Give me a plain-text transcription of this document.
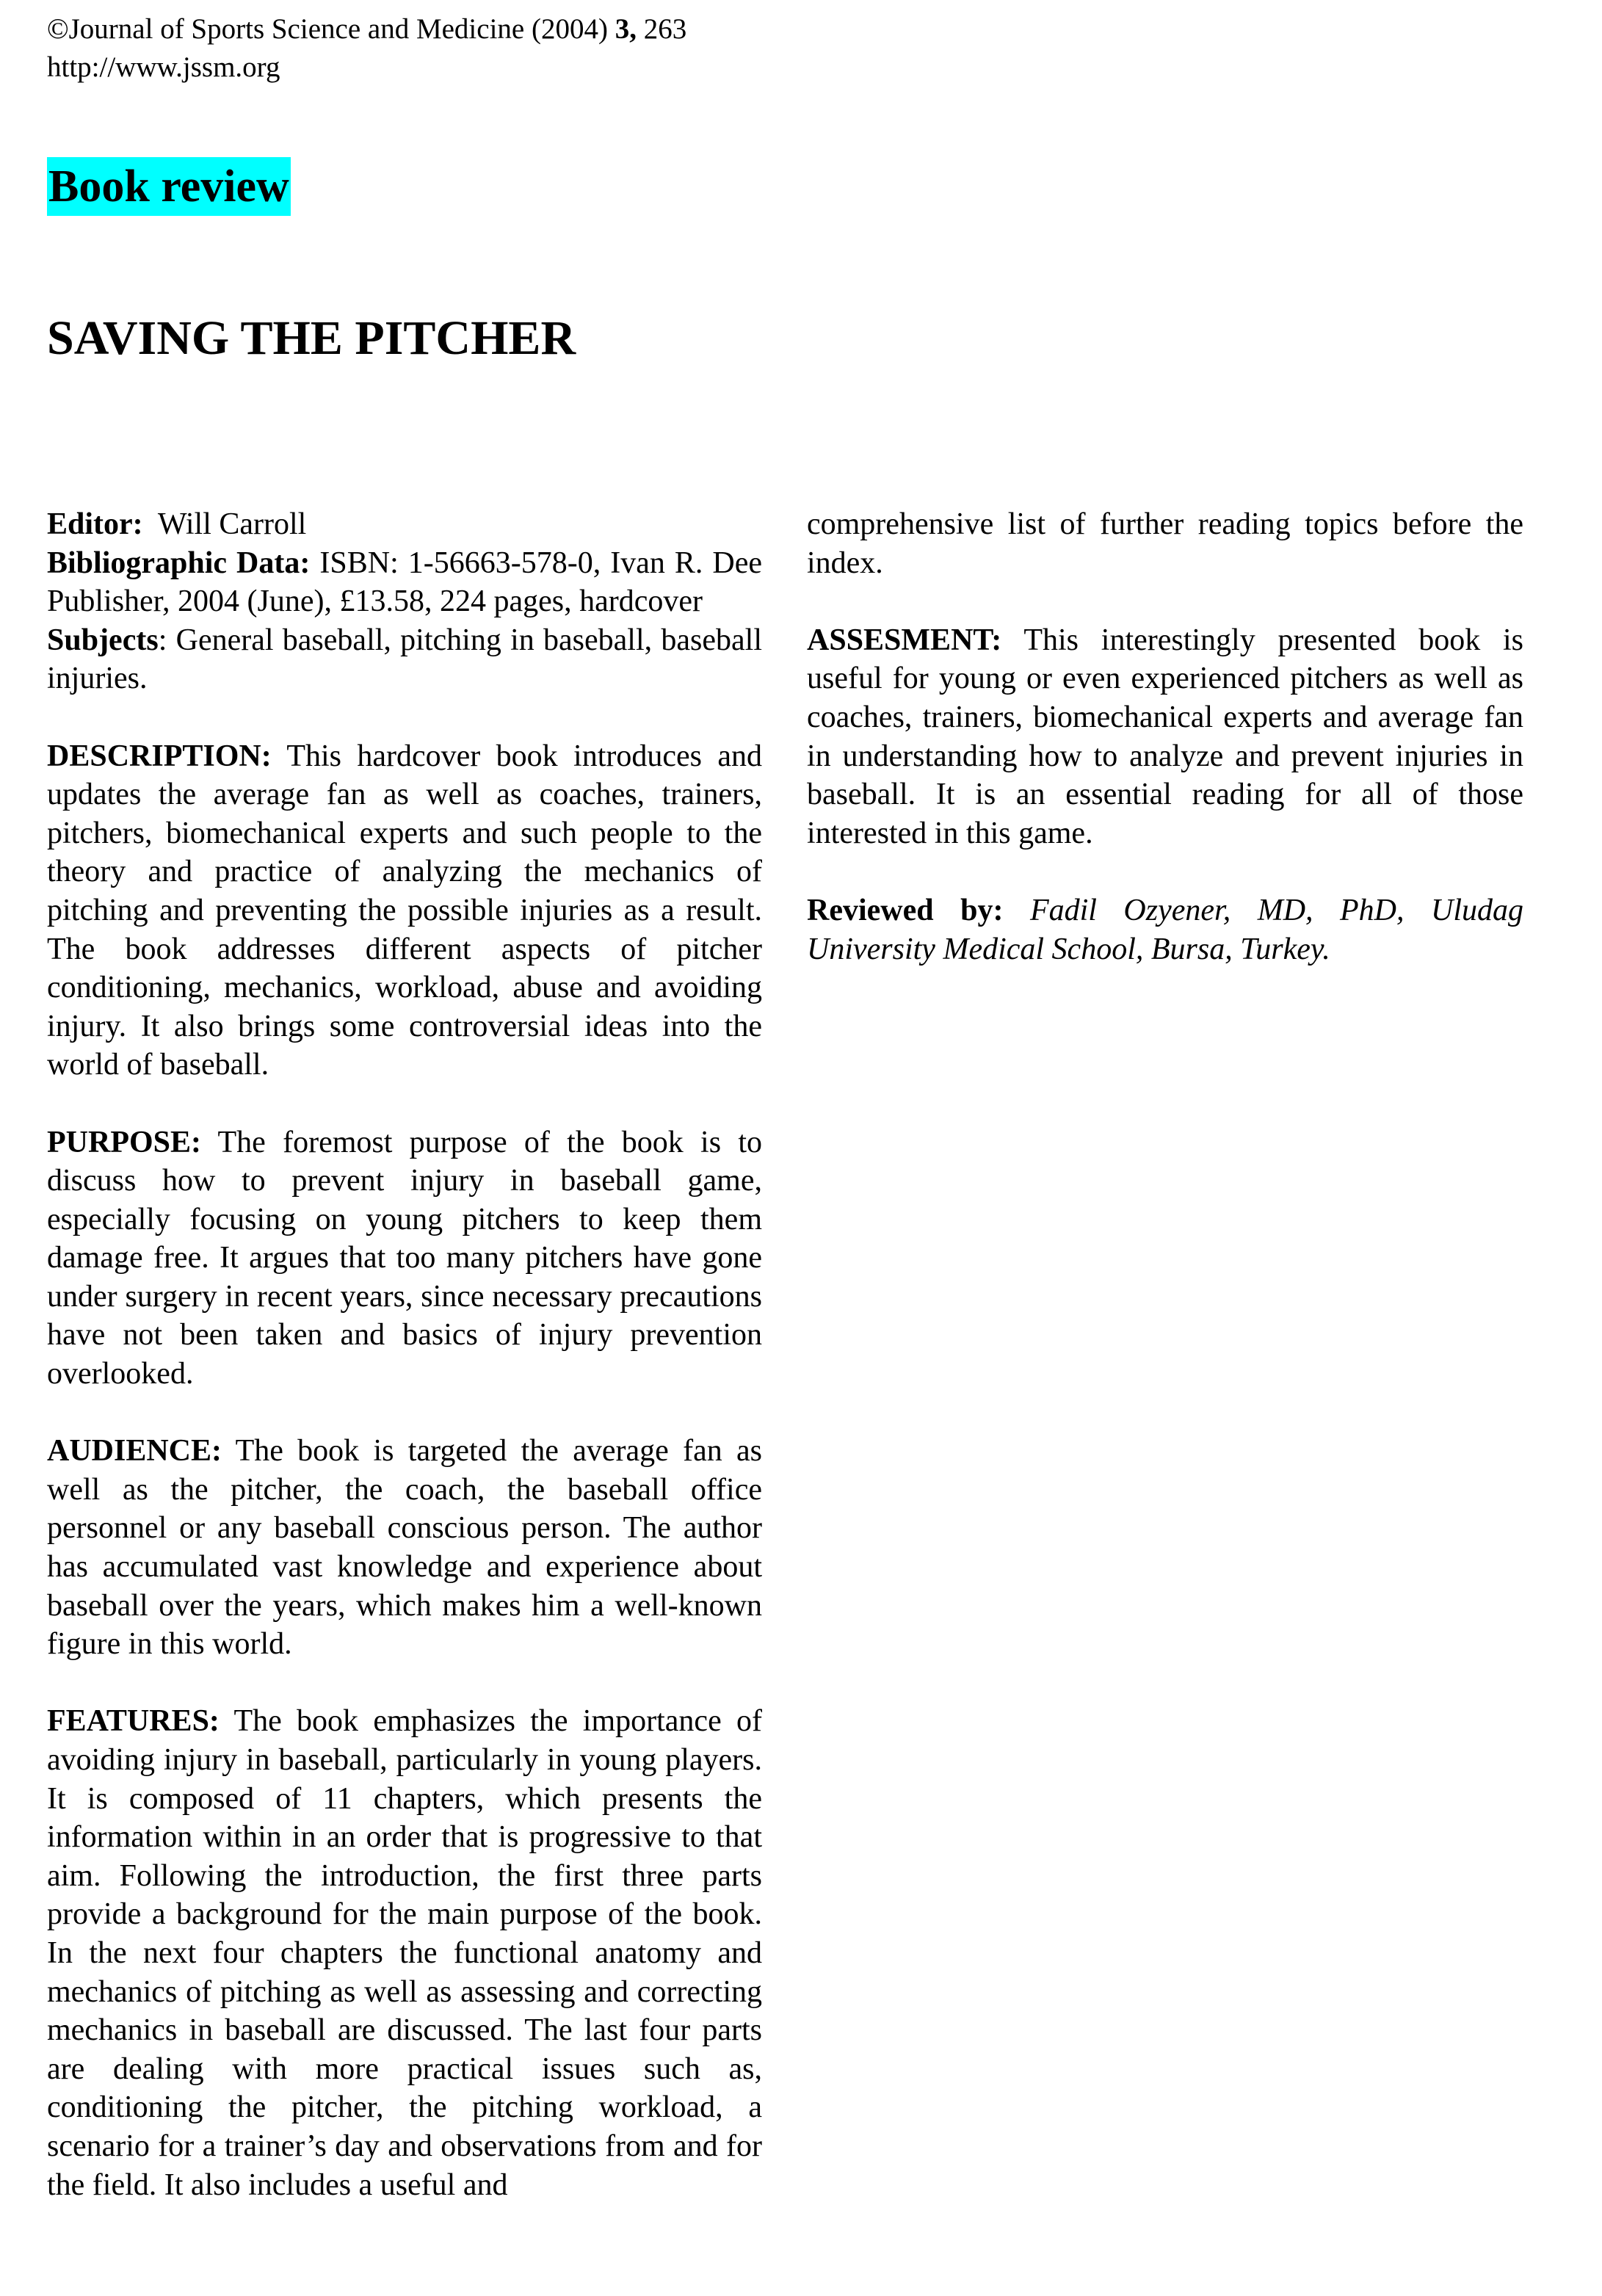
©Journal of Sports Science and Medicine (2004) 3, 263
http://www.jssm.org
Book review
SAVING THE PITCHER

Editor: Will Carroll

Bibliographic Data: ISBN: 1-56663-578-0, Ivan R. Dee Publisher, 2004 (June), £13.58, 224 pages, hardcover

Subjects: General baseball, pitching in baseball, baseball injuries.

DESCRIPTION: This hardcover book introduces and updates the average fan as well as coaches, trainers, pitchers, biomechanical experts and such people to the theory and practice of analyzing the mechanics of pitching and preventing the possible injuries as a result. The book addresses different aspects of pitcher conditioning, mechanics, workload, abuse and avoiding injury. It also brings some controversial ideas into the world of baseball.

PURPOSE: The foremost purpose of the book is to discuss how to prevent injury in baseball game, especially focusing on young pitchers to keep them damage free. It argues that too many pitchers have gone under surgery in recent years, since necessary precautions have not been taken and basics of injury prevention overlooked.

AUDIENCE: The book is targeted the average fan as well as the pitcher, the coach, the baseball office personnel or any baseball conscious person. The author has accumulated vast knowledge and experience about baseball over the years, which makes him a well-known figure in this world.

FEATURES: The book emphasizes the importance of avoiding injury in baseball, particularly in young players. It is composed of 11 chapters, which presents the information within in an order that is progressive to that aim. Following the introduction, the first three parts provide a background for the main purpose of the book. In the next four chapters the functional anatomy and mechanics of pitching as well as assessing and correcting mechanics in baseball are discussed. The last four parts are dealing with more practical issues such as, conditioning the pitcher, the pitching workload, a scenario for a trainer’s day and observations from and for the field. It also includes a useful and

comprehensive list of further reading topics before the index.

ASSESMENT: This interestingly presented book is useful for young or even experienced pitchers as well as coaches, trainers, biomechanical experts and average fan in understanding how to analyze and prevent injuries in baseball. It is an essential reading for all of those interested in this game.

Reviewed by: Fadil Ozyener, MD, PhD, Uludag University Medical School, Bursa, Turkey.
